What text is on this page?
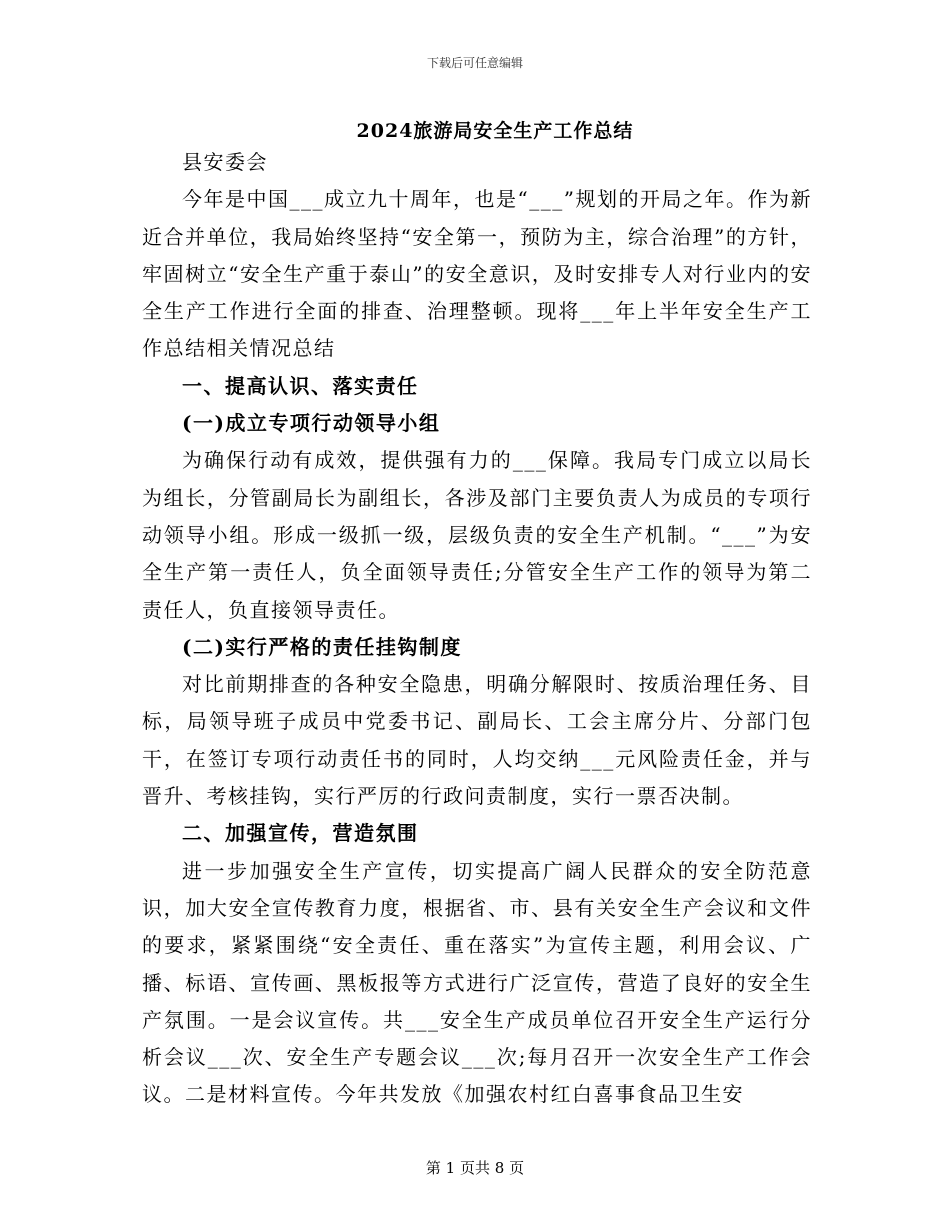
下载后可任意编辑
2024旅游局安全生产工作总结

县安委会

今年是中国___成立九十周年，也是“___”规划的开局之年。作为新近合并单位，我局始终坚持“安全第一，预防为主，综合治理”的方针，牢固树立“安全生产重于泰山”的安全意识，及时安排专人对行业内的安全生产工作进行全面的排查、治理整顿。现将___年上半年安全生产工作总结相关情况总结

一、提高认识、落实责任

(一)成立专项行动领导小组

为确保行动有成效，提供强有力的___保障。我局专门成立以局长为组长，分管副局长为副组长，各涉及部门主要负责人为成员的专项行动领导小组。形成一级抓一级，层级负责的安全生产机制。“___”为安全生产第一责任人，负全面领导责任;分管安全生产工作的领导为第二责任人，负直接领导责任。

(二)实行严格的责任挂钩制度

对比前期排查的各种安全隐患，明确分解限时、按质治理任务、目标，局领导班子成员中党委书记、副局长、工会主席分片、分部门包干，在签订专项行动责任书的同时，人均交纳___元风险责任金，并与晋升、考核挂钩，实行严厉的行政问责制度，实行一票否决制。

二、加强宣传，营造氛围

进一步加强安全生产宣传，切实提高广阔人民群众的安全防范意识，加大安全宣传教育力度，根据省、市、县有关安全生产会议和文件的要求，紧紧围绕“安全责任、重在落实”为宣传主题，利用会议、广播、标语、宣传画、黑板报等方式进行广泛宣传，营造了良好的安全生产氛围。一是会议宣传。共___安全生产成员单位召开安全生产运行分析会议___次、安全生产专题会议___次;每月召开一次安全生产工作会议。二是材料宣传。今年共发放《加强农村红白喜事食品卫生安

第 1 页共 8 页
